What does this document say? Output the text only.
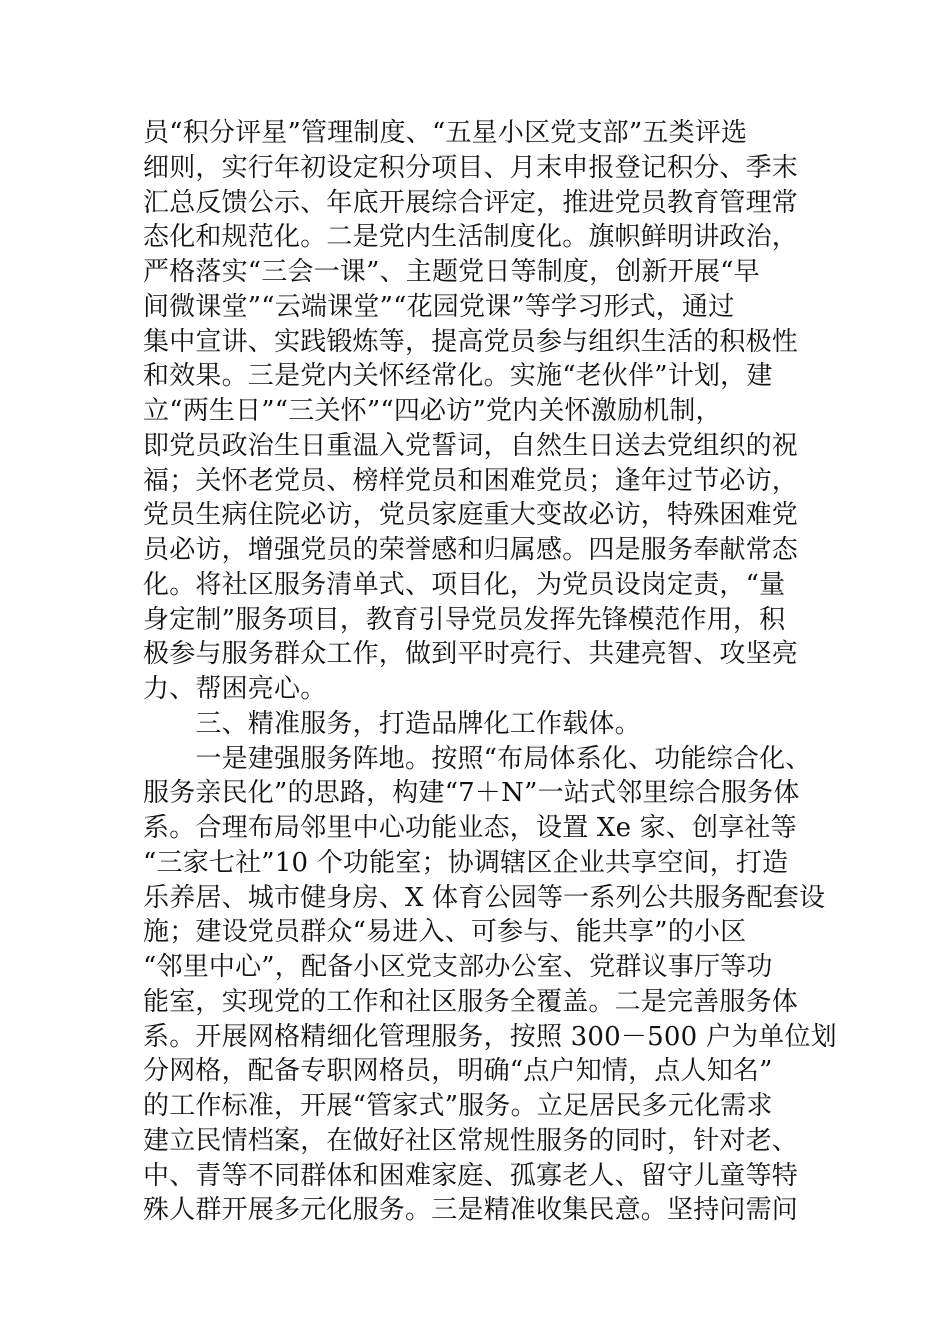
员“积分评星”管理制度、“五星小区党支部”五类评选
细则，实行年初设定积分项目、月末申报登记积分、季末
汇总反馈公示、年底开展综合评定，推进党员教育管理常
态化和规范化。二是党内生活制度化。旗帜鲜明讲政治，
严格落实“三会一课”、主题党日等制度，创新开展“早
间微课堂”“云端课堂”“花园党课”等学习形式，通过
集中宣讲、实践锻炼等，提高党员参与组织生活的积极性
和效果。三是党内关怀经常化。实施“老伙伴”计划，建
立“两生日”“三关怀”“四必访”党内关怀激励机制，
即党员政治生日重温入党誓词，自然生日送去党组织的祝
福；关怀老党员、榜样党员和困难党员；逢年过节必访，
党员生病住院必访，党员家庭重大变故必访，特殊困难党
员必访，增强党员的荣誉感和归属感。四是服务奉献常态
化。将社区服务清单式、项目化，为党员设岗定责，“量
身定制”服务项目，教育引导党员发挥先锋模范作用，积
极参与服务群众工作，做到平时亮行、共建亮智、攻坚亮
力、帮困亮心。
　　三、精准服务，打造品牌化工作载体。
　　一是建强服务阵地。按照“布局体系化、功能综合化、
服务亲民化”的思路，构建“7＋N”一站式邻里综合服务体
系。合理布局邻里中心功能业态，设置 Xe 家、创享社等
“三家七社”10 个功能室；协调辖区企业共享空间，打造
乐养居、城市健身房、X 体育公园等一系列公共服务配套设
施；建设党员群众“易进入、可参与、能共享”的小区
“邻里中心”，配备小区党支部办公室、党群议事厅等功
能室，实现党的工作和社区服务全覆盖。二是完善服务体
系。开展网格精细化管理服务，按照 300－500 户为单位划
分网格，配备专职网格员，明确“点户知情，点人知名”
的工作标准，开展“管家式”服务。立足居民多元化需求
建立民情档案，在做好社区常规性服务的同时，针对老、
中、青等不同群体和困难家庭、孤寡老人、留守儿童等特
殊人群开展多元化服务。三是精准收集民意。坚持问需问
